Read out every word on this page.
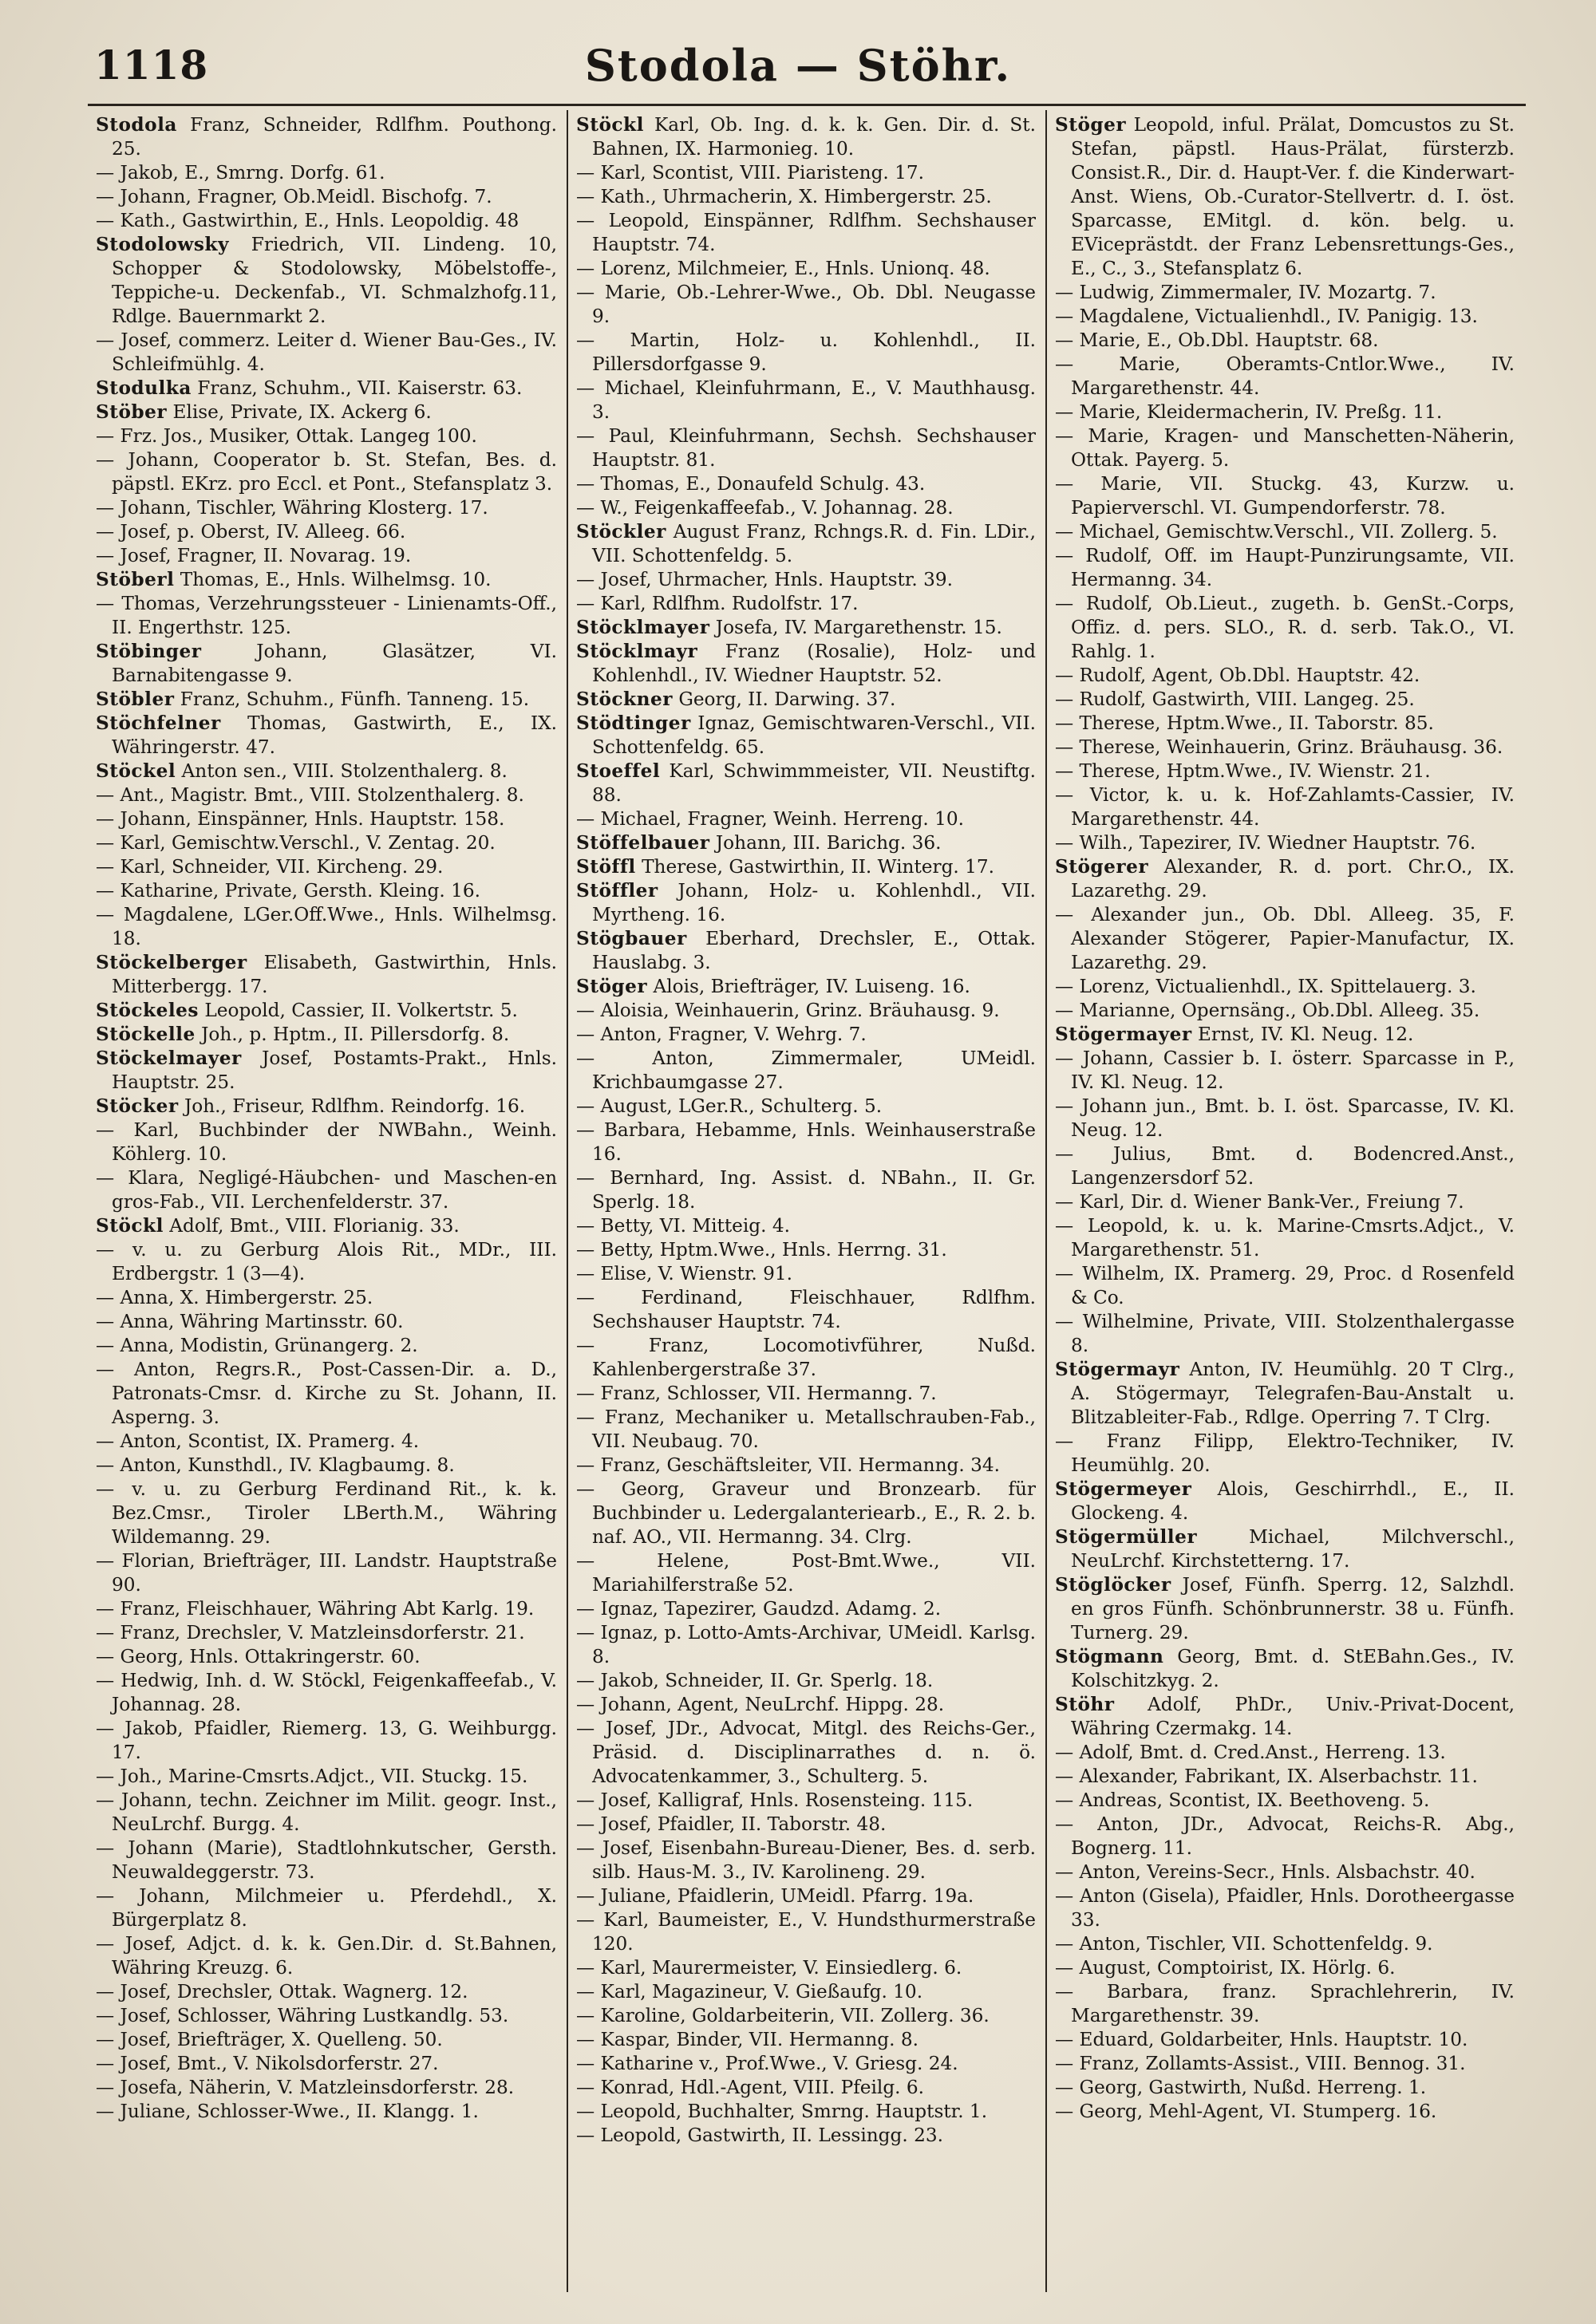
1118	Stodola — Stöhr.

Stodola Franz, Schneider, Rdlfhm. Pouthong. 25.

— Jakob, E., Smrng. Dorfg. 61.

— Johann, Fragner, Ob.Meidl. Bischofg. 7.

— Kath., Gastwirthin, E., Hnls. Leopoldig. 48

Stodolowsky Friedrich, VII. Lindeng. 10, Schopper & Stodolowsky, Möbelstoffe-, Teppiche-u. Deckenfab., VI. Schmalzhofg.11, Rdlge. Bauernmarkt 2.

— Josef, commerz. Leiter d. Wiener Bau-Ges., IV. Schleifmühlg. 4.

Stodulka Franz, Schuhm., VII. Kaiserstr. 63.

Stöber Elise, Private, IX. Ackerg 6.

— Frz. Jos., Musiker, Ottak. Langeg 100.

— Johann, Cooperator b. St. Stefan, Bes. d. päpstl. EKrz. pro Eccl. et Pont., Stefansplatz 3.

— Johann, Tischler, Währing Klosterg. 17.

— Josef, p. Oberst, IV. Alleeg. 66.

— Josef, Fragner, II. Novarag. 19.

Stöberl Thomas, E., Hnls. Wilhelmsg. 10.

— Thomas, Verzehrungssteuer - Linienamts-Off., II. Engerthstr. 125.

Stöbinger	Johann, Glasätzer, VI. Barnabitengasse 9.

Stöbler Franz, Schuhm., Fünfh. Tanneng. 15.

Stöchfelner Thomas, Gastwirth, E., IX. Währingerstr. 47.

Stöckel Anton sen., VIII. Stolzenthalerg. 8.

— Ant., Magistr. Bmt., VIII. Stolzenthalerg. 8.

— Johann, Einspänner, Hnls. Hauptstr. 158.

— Karl, Gemischtw.Verschl., V. Zentag. 20.

— Karl, Schneider, VII. Kircheng. 29.

— Katharine, Private, Gersth. Kleing. 16.

— Magdalene, LGer.Off.Wwe., Hnls. Wilhelmsg. 18.

Stöckelberger Elisabeth, Gastwirthin, Hnls. Mitterbergg. 17.

Stöckeles Leopold, Cassier, II. Volkertstr. 5.

Stöckelle Joh., p. Hptm., II. Pillersdorfg. 8.

Stöckelmayer Josef, Postamts-Prakt., Hnls. Hauptstr. 25.

Stöcker Joh., Friseur, Rdlfhm. Reindorfg. 16.

— Karl, Buchbinder der NWBahn., Weinh. Köhlerg. 10.

— Klara, Negligé-Häubchen- und Maschen-en gros-Fab., VII. Lerchenfelderstr. 37.

Stöckl Adolf, Bmt., VIII. Florianig. 33.

— v. u. zu Gerburg Alois Rit., MDr., III. Erdbergstr. 1 (3—4).

— Anna, X. Himbergerstr. 25.

— Anna, Währing Martinsstr. 60.

— Anna, Modistin, Grünangerg. 2.

— Anton, Regrs.R., Post-Cassen-Dir. a. D., Patronats-Cmsr. d. Kirche zu St. Johann, II. Asperng. 3.

— Anton, Scontist, IX. Pramerg. 4.

— Anton, Kunsthdl., IV. Klagbaumg. 8.

— v. u. zu Gerburg Ferdinand Rit., k. k. Bez.Cmsr., Tiroler LBerth.M., Währing Wildemanng. 29.

— Florian, Briefträger, III. Landstr. Hauptstraße 90.

— Franz, Fleischhauer, Währing Abt Karlg. 19.

— Franz, Drechsler, V. Matzleinsdorferstr. 21.

— Georg, Hnls. Ottakringerstr. 60.

— Hedwig, Inh. d. W. Stöckl, Feigenkaffeefab., V. Johannag. 28.

— Jakob, Pfaidler, Riemerg. 13, G. Weihburgg. 17.

— Joh., Marine-Cmsrts.Adjct., VII. Stuckg. 15.

— Johann, techn. Zeichner im Milit. geogr. Inst., NeuLrchf. Burgg. 4.

— Johann (Marie), Stadtlohnkutscher, Gersth. Neuwaldeggerstr. 73.

— Johann, Milchmeier u. Pferdehdl., X. Bürgerplatz 8.

— Josef, Adjct. d. k. k. Gen.Dir. d. St.Bahnen, Währing Kreuzg. 6.

— Josef, Drechsler, Ottak. Wagnerg. 12.

— Josef, Schlosser, Währing Lustkandlg. 53.

— Josef, Briefträger, X. Quelleng. 50.

— Josef, Bmt., V. Nikolsdorferstr. 27.

— Josefa, Näherin, V. Matzleinsdorferstr. 28.

— Juliane, Schlosser-Wwe., II. Klangg. 1.

Stöckl Karl, Ob. Ing. d. k. k. Gen. Dir. d. St. Bahnen, IX. Harmonieg. 10.

— Karl, Scontist, VIII. Piaristeng. 17.

— Kath., Uhrmacherin, X. Himbergerstr. 25.

— Leopold, Einspänner, Rdlfhm. Sechshauser Hauptstr. 74.

— Lorenz, Milchmeier, E., Hnls. Unionq. 48.

— Marie, Ob.-Lehrer-Wwe., Ob. Dbl. Neugasse 9.

— Martin, Holz- u. Kohlenhdl., II. Pillersdorfgasse 9.

— Michael, Kleinfuhrmann, E., V. Mauthhausg. 3.

— Paul, Kleinfuhrmann, Sechsh. Sechshauser Hauptstr. 81.

— Thomas, E., Donaufeld Schulg. 43.

— W., Feigenkaffeefab., V. Johannag. 28.

Stöckler August Franz, Rchngs.R. d. Fin. LDir., VII. Schottenfeldg. 5.

— Josef, Uhrmacher, Hnls. Hauptstr. 39.

— Karl, Rdlfhm. Rudolfstr. 17.

Stöcklmayer Josefa, IV. Margarethenstr. 15.

Stöcklmayr Franz (Rosalie), Holz- und Kohlenhdl., IV. Wiedner Hauptstr. 52.

Stöckner Georg, II. Darwing. 37.

Stödtinger Ignaz, Gemischtwaren-Verschl., VII. Schottenfeldg. 65.

Stoeffel Karl, Schwimmmeister, VII. Neustiftg. 88.

— Michael, Fragner, Weinh. Herreng. 10.

Stöffelbauer Johann, III. Barichg. 36.

Stöffl Therese, Gastwirthin, II. Winterg. 17.

Stöffler Johann, Holz- u. Kohlenhdl., VII. Myrtheng. 16.

Stögbauer Eberhard, Drechsler, E., Ottak. Hauslabg. 3.

Stöger Alois, Briefträger, IV. Luiseng. 16.

— Aloisia, Weinhauerin, Grinz. Bräuhausg. 9.

— Anton, Fragner, V. Wehrg. 7.

— Anton, Zimmermaler, UMeidl. Krichbaumgasse 27.

— August, LGer.R., Schulterg. 5.

— Barbara, Hebamme, Hnls. Weinhauserstraße 16.

— Bernhard, Ing. Assist. d. NBahn., II. Gr. Sperlg. 18.

— Betty, VI. Mitteig. 4.

— Betty, Hptm.Wwe., Hnls. Herrng. 31.

— Elise, V. Wienstr. 91.

— Ferdinand, Fleischhauer, Rdlfhm. Sechshauser Hauptstr. 74.

— Franz, Locomotivführer, Nußd. Kahlenbergerstraße 37.

— Franz, Schlosser, VII. Hermanng. 7.

— Franz, Mechaniker u. Metallschrauben-Fab., VII. Neubaug. 70.

— Franz, Geschäftsleiter, VII. Hermanng. 34.

— Georg, Graveur und Bronzearb. für Buchbinder u. Ledergalanteriearb., E., R. 2. b. naf. AO., VII. Hermanng. 34. Clrg.

— Helene, Post-Bmt.Wwe., VII. Mariahilferstraße 52.

— Ignaz, Tapezirer, Gaudzd. Adamg. 2.

— Ignaz, p. Lotto-Amts-Archivar, UMeidl. Karlsg. 8.

— Jakob, Schneider, II. Gr. Sperlg. 18.

— Johann, Agent, NeuLrchf. Hippg. 28.

— Josef, JDr., Advocat, Mitgl. des Reichs-Ger., Präsid. d. Disciplinarrathes d. n. ö. Advocatenkammer, 3., Schulterg. 5.

— Josef, Kalligraf, Hnls. Rosensteing. 115.

— Josef, Pfaidler, II. Taborstr. 48.

— Josef, Eisenbahn-Bureau-Diener, Bes. d. serb. silb. Haus-M. 3., IV. Karolineng. 29.

— Juliane, Pfaidlerin, UMeidl. Pfarrg. 19a.

— Karl, Baumeister, E., V. Hundsthurmerstraße 120.

— Karl, Maurermeister, V. Einsiedlerg. 6.

— Karl, Magazineur, V. Gießaufg. 10.

— Karoline, Goldarbeiterin, VII. Zollerg. 36.

— Kaspar, Binder, VII. Hermanng. 8.

— Katharine v., Prof.Wwe., V. Griesg. 24.

— Konrad, Hdl.-Agent, VIII. Pfeilg. 6.

— Leopold, Buchhalter, Smrng. Hauptstr. 1.

— Leopold, Gastwirth, II. Lessingg. 23.

Stöger Leopold, inful. Prälat, Domcustos zu St. Stefan, päpstl. Haus-Prälat, fürsterzb. Consist.R., Dir. d. Haupt-Ver. f. die Kinderwart-Anst. Wiens, Ob.-Curator-Stellvertr. d. I. öst. Sparcasse, EMitgl. d. kön. belg. u. EViceprästdt. der Franz Lebensrettungs-Ges., E., C., 3., Stefansplatz 6.

— Ludwig, Zimmermaler, IV. Mozartg. 7.

— Magdalene, Victualienhdl., IV. Panigig. 13.

— Marie, E., Ob.Dbl. Hauptstr. 68.

— Marie, Oberamts-Cntlor.Wwe., IV. Margarethenstr. 44.

— Marie, Kleidermacherin, IV. Preßg. 11.

— Marie, Kragen- und Manschetten-Näherin, Ottak. Payerg. 5.

— Marie, VII. Stuckg. 43, Kurzw. u. Papierverschl. VI. Gumpendorferstr. 78.

— Michael, Gemischtw.Verschl., VII. Zollerg. 5.

— Rudolf, Off. im Haupt-Punzirungsamte, VII. Hermanng. 34.

— Rudolf, Ob.Lieut., zugeth. b. GenSt.-Corps, Offiz. d. pers. SLO., R. d. serb. Tak.O., VI. Rahlg. 1.

— Rudolf, Agent, Ob.Dbl. Hauptstr. 42.

— Rudolf, Gastwirth, VIII. Langeg. 25.

— Therese, Hptm.Wwe., II. Taborstr. 85.

— Therese, Weinhauerin, Grinz. Bräuhausg. 36.

— Therese, Hptm.Wwe., IV. Wienstr. 21.

— Victor, k. u. k. Hof-Zahlamts-Cassier, IV. Margarethenstr. 44.

— Wilh., Tapezirer, IV. Wiedner Hauptstr. 76.

Stögerer Alexander, R. d. port. Chr.O., IX. Lazarethg. 29.

— Alexander jun., Ob. Dbl. Alleeg. 35, F. Alexander Stögerer, Papier-Manufactur, IX. Lazarethg. 29.

— Lorenz, Victualienhdl., IX. Spittelauerg. 3.

— Marianne, Opernsäng., Ob.Dbl. Alleeg. 35.

Stögermayer Ernst, IV. Kl. Neug. 12.

— Johann, Cassier b. I. österr. Sparcasse in P., IV. Kl. Neug. 12.

— Johann jun., Bmt. b. I. öst. Sparcasse, IV. Kl. Neug. 12.

— Julius, Bmt. d. Bodencred.Anst., Langenzersdorf 52.

— Karl, Dir. d. Wiener Bank-Ver., Freiung 7.

— Leopold, k. u. k. Marine-Cmsrts.Adjct., V. Margarethenstr. 51.

— Wilhelm, IX. Pramerg. 29, Proc. d Rosenfeld & Co.

— Wilhelmine, Private, VIII. Stolzenthalergasse 8.

Stögermayr Anton, IV. Heumühlg. 20 T Clrg., A. Stögermayr, Telegrafen-Bau-Anstalt u. Blitzableiter-Fab., Rdlge. Operring 7. T Clrg.

— Franz Filipp, Elektro-Techniker, IV. Heumühlg. 20.

Stögermeyer Alois, Geschirrhdl., E., II. Glockeng. 4.

Stögermüller	Michael, Milchverschl., NeuLrchf. Kirchstetterng. 17.

Stöglöcker Josef, Fünfh. Sperrg. 12, Salzhdl. en gros Fünfh. Schönbrunnerstr. 38 u. Fünfh. Turnerg. 29.

Stögmann Georg, Bmt. d. StEBahn.Ges., IV. Kolschitzkyg. 2.

Stöhr Adolf, PhDr., Univ.-Privat-Docent, Währing Czermakg. 14.

— Adolf, Bmt. d. Cred.Anst., Herreng. 13.

— Alexander, Fabrikant, IX. Alserbachstr. 11.

— Andreas, Scontist, IX. Beethoveng. 5.

— Anton, JDr., Advocat, Reichs-R. Abg., Bognerg. 11.

— Anton, Vereins-Secr., Hnls. Alsbachstr. 40.

— Anton (Gisela), Pfaidler, Hnls. Dorotheergasse 33.

— Anton, Tischler, VII. Schottenfeldg. 9.

— August, Comptoirist, IX. Hörlg. 6.

— Barbara, franz. Sprachlehrerin, IV. Margarethenstr. 39.

— Eduard, Goldarbeiter, Hnls. Hauptstr. 10.

— Franz, Zollamts-Assist., VIII. Bennog. 31.

— Georg, Gastwirth, Nußd. Herreng. 1.

— Georg, Mehl-Agent, VI. Stumperg. 16.
